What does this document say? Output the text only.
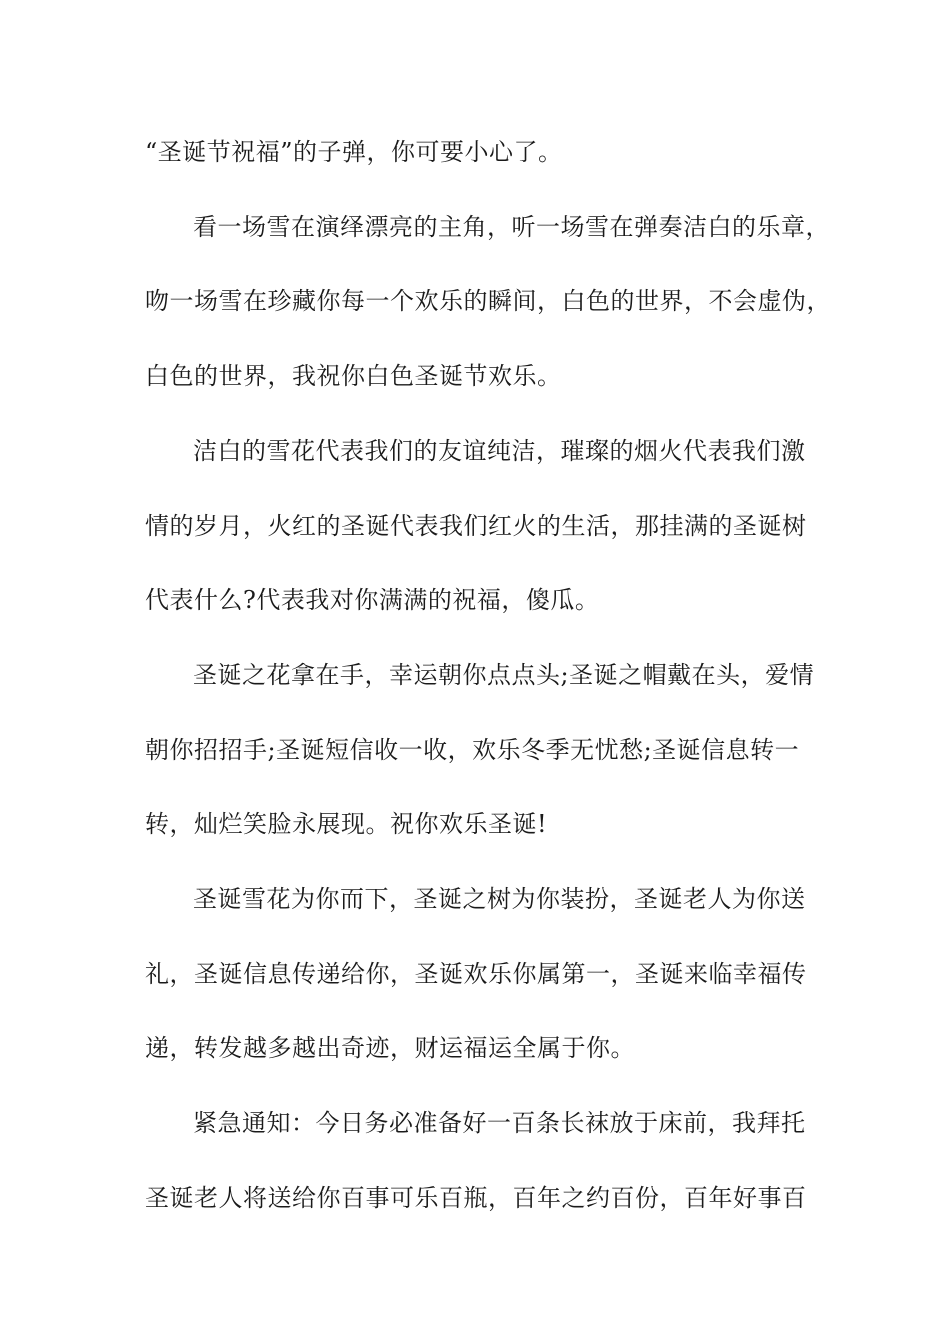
“圣诞节祝福”的子弹，你可要小心了。
看一场雪在演绎漂亮的主角，听一场雪在弹奏洁白的乐章，
吻一场雪在珍藏你每一个欢乐的瞬间，白色的世界，不会虚伪，
白色的世界，我祝你白色圣诞节欢乐。
洁白的雪花代表我们的友谊纯洁，璀璨的烟火代表我们激
情的岁月，火红的圣诞代表我们红火的生活，那挂满的圣诞树
代表什么?代表我对你满满的祝福，傻瓜。
圣诞之花拿在手，幸运朝你点点头;圣诞之帽戴在头，爱情
朝你招招手;圣诞短信收一收，欢乐冬季无忧愁;圣诞信息转一
转，灿烂笑脸永展现。祝你欢乐圣诞!
圣诞雪花为你而下，圣诞之树为你装扮，圣诞老人为你送
礼，圣诞信息传递给你，圣诞欢乐你属第一，圣诞来临幸福传
递，转发越多越出奇迹，财运福运全属于你。
紧急通知：今日务必准备好一百条长袜放于床前，我拜托
圣诞老人将送给你百事可乐百瓶，百年之约百份，百年好事百
